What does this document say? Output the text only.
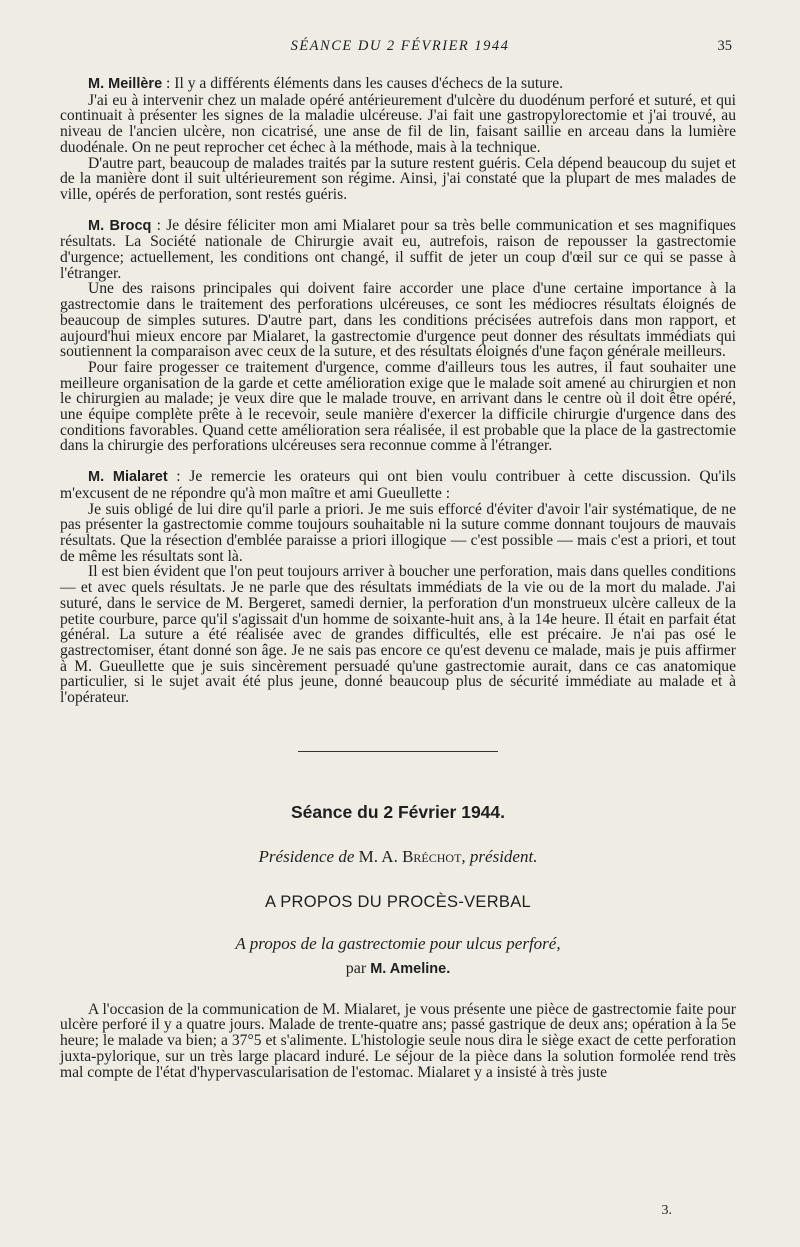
SÉANCE DU 2 FÉVRIER 1944	35

M. Meillère : Il y a différents éléments dans les causes d'échecs de la suture.

J'ai eu à intervenir chez un malade opéré antérieurement d'ulcère du duodénum perforé et suturé, et qui continuait à présenter les signes de la maladie ulcéreuse. J'ai fait une gastropylorectomie et j'ai trouvé, au niveau de l'ancien ulcère, non cicatrisé, une anse de fil de lin, faisant saillie en arceau dans la lumière duodénale. On ne peut reprocher cet échec à la méthode, mais à la technique.

D'autre part, beaucoup de malades traités par la suture restent guéris. Cela dépend beaucoup du sujet et de la manière dont il suit ultérieurement son régime. Ainsi, j'ai constaté que la plupart de mes malades de ville, opérés de perforation, sont restés guéris.

M. Brocq : Je désire féliciter mon ami Mialaret pour sa très belle communication et ses magnifiques résultats. La Société nationale de Chirurgie avait eu, autrefois, raison de repousser la gastrectomie d'urgence; actuellement, les conditions ont changé, il suffit de jeter un coup d'œil sur ce qui se passe à l'étranger.

Une des raisons principales qui doivent faire accorder une place d'une certaine importance à la gastrectomie dans le traitement des perforations ulcéreuses, ce sont les médiocres résultats éloignés de beaucoup de simples sutures. D'autre part, dans les conditions précisées autrefois dans mon rapport, et aujourd'hui mieux encore par Mialaret, la gastrectomie d'urgence peut donner des résultats immédiats qui soutiennent la comparaison avec ceux de la suture, et des résultats éloignés d'une façon générale meilleurs.

Pour faire progesser ce traitement d'urgence, comme d'ailleurs tous les autres, il faut souhaiter une meilleure organisation de la garde et cette amélioration exige que le malade soit amené au chirurgien et non le chirurgien au malade; je veux dire que le malade trouve, en arrivant dans le centre où il doit être opéré, une équipe complète prête à le recevoir, seule manière d'exercer la difficile chirurgie d'urgence dans des conditions favorables. Quand cette amélioration sera réalisée, il est probable que la place de la gastrectomie dans la chirurgie des perforations ulcéreuses sera reconnue comme à l'étranger.

M. Mialaret : Je remercie les orateurs qui ont bien voulu contribuer à cette discussion. Qu'ils m'excusent de ne répondre qu'à mon maître et ami Gueullette :

Je suis obligé de lui dire qu'il parle a priori. Je me suis efforcé d'éviter d'avoir l'air systématique, de ne pas présenter la gastrectomie comme toujours souhaitable ni la suture comme donnant toujours de mauvais résultats. Que la résection d'emblée paraisse a priori illogique — c'est possible — mais c'est a priori, et tout de même les résultats sont là.

Il est bien évident que l'on peut toujours arriver à boucher une perforation, mais dans quelles conditions — et avec quels résultats. Je ne parle que des résultats immédiats de la vie ou de la mort du malade. J'ai suturé, dans le service de M. Bergeret, samedi dernier, la perforation d'un monstrueux ulcère calleux de la petite courbure, parce qu'il s'agissait d'un homme de soixante-huit ans, à la 14e heure. Il était en parfait état général. La suture a été réalisée avec de grandes difficultés, elle est précaire. Je n'ai pas osé le gastrectomiser, étant donné son âge. Je ne sais pas encore ce qu'est devenu ce malade, mais je puis affirmer à M. Gueullette que je suis sincèrement persuadé qu'une gastrectomie aurait, dans ce cas anatomique particulier, si le sujet avait été plus jeune, donné beaucoup plus de sécurité immédiate au malade et à l'opérateur.

Séance du 2 Février 1944.
Présidence de M. A. Bréchot, président.
A PROPOS DU PROCÈS-VERBAL
A propos de la gastrectomie pour ulcus perforé,
par M. Ameline.

A l'occasion de la communication de M. Mialaret, je vous présente une pièce de gastrectomie faite pour ulcère perforé il y a quatre jours. Malade de trente-quatre ans; passé gastrique de deux ans; opération à la 5e heure; le malade va bien; a 37°5 et s'alimente. L'histologie seule nous dira le siège exact de cette perforation juxta-pylorique, sur un très large placard induré. Le séjour de la pièce dans la solution formolée rend très mal compte de l'état d'hypervascularisation de l'estomac. Mialaret y a insisté à très juste

3.
